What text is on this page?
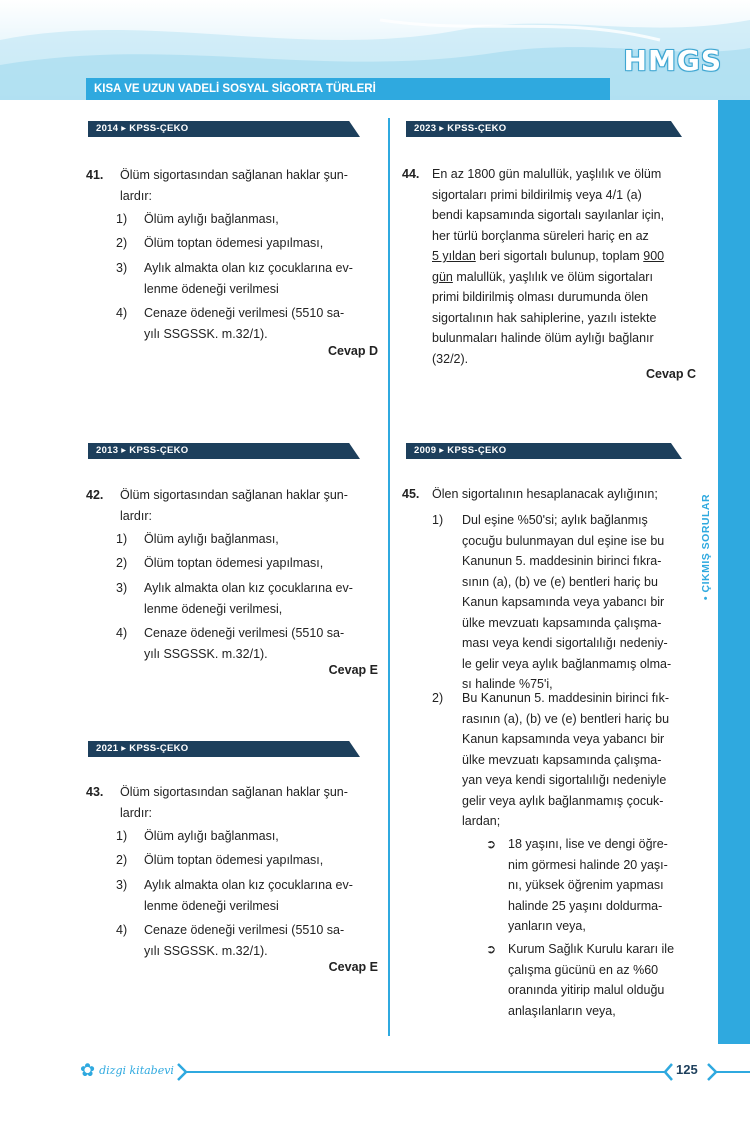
HMGS
KISA VE UZUN VADELİ SOSYAL SİGORTA TÜRLERİ
• ÇIKMIŞ SORULAR
2014 ▸ KPSS-ÇEKO
41. Ölüm sigortasından sağlanan haklar şun-
lardır:
1) Ölüm aylığı bağlanması,
2) Ölüm toptan ödemesi yapılması,
3) Aylık almakta olan kız çocuklarına ev-
lenme ödeneği verilmesi
4) Cenaze ödeneği verilmesi (5510 sa-
yılı SSGSSK. m.32/1).
Cevap D
2023 ▸ KPSS-ÇEKO
44. En az 1800 gün malullük, yaşlılık ve ölüm
sigortaları primi bildirilmiş veya 4/1 (a)
bendi kapsamında sigortalı sayılanlar için,
her türlü borçlanma süreleri hariç en az
5 yıldan beri sigortalı bulunup, toplam 900
gün malullük, yaşlılık ve ölüm sigortaları
primi bildirilmiş olması durumunda ölen
sigortalının hak sahiplerine, yazılı istekte
bulunmaları halinde ölüm aylığı bağlanır
(32/2).
Cevap C
2013 ▸ KPSS-ÇEKO
42. Ölüm sigortasından sağlanan haklar şun-
lardır:
1) Ölüm aylığı bağlanması,
2) Ölüm toptan ödemesi yapılması,
3) Aylık almakta olan kız çocuklarına ev-
lenme ödeneği verilmesi,
4) Cenaze ödeneği verilmesi (5510 sa-
yılı SSGSSK. m.32/1).
Cevap E
2021 ▸ KPSS-ÇEKO
43. Ölüm sigortasından sağlanan haklar şun-
lardır:
1) Ölüm aylığı bağlanması,
2) Ölüm toptan ödemesi yapılması,
3) Aylık almakta olan kız çocuklarına ev-
lenme ödeneği verilmesi
4) Cenaze ödeneği verilmesi (5510 sa-
yılı SSGSSK. m.32/1).
Cevap E
2009 ▸ KPSS-ÇEKO
45. Ölen sigortalının hesaplanacak aylığının;
1) Dul eşine %50'si; aylık bağlanmış
çocuğu bulunmayan dul eşine ise bu
Kanunun 5. maddesinin birinci fıkra-
sının (a), (b) ve (e) bentleri hariç bu
Kanun kapsamında veya yabancı bir
ülke mevzuatı kapsamında çalışma-
ması veya kendi sigortalılığı nedeniy-
le gelir veya aylık bağlanmamış olma-
sı halinde %75'i,
2) Bu Kanunun 5. maddesinin birinci fık-
rasının (a), (b) ve (e) bentleri hariç bu
Kanun kapsamında veya yabancı bir
ülke mevzuatı kapsamında çalışma-
yan veya kendi sigortalılığı nedeniyle
gelir veya aylık bağlanmamış çocuk-
lardan;
➲ 18 yaşını, lise ve dengi öğre-
nim görmesi halinde 20 yaşı-
nı, yüksek öğrenim yapması
halinde 25 yaşını doldurma-
yanların veya,
➲ Kurum Sağlık Kurulu kararı ile
çalışma gücünü en az %60
oranında yitirip malul olduğu
anlaşılanların veya,
✿ dizgi kitabevi	125
